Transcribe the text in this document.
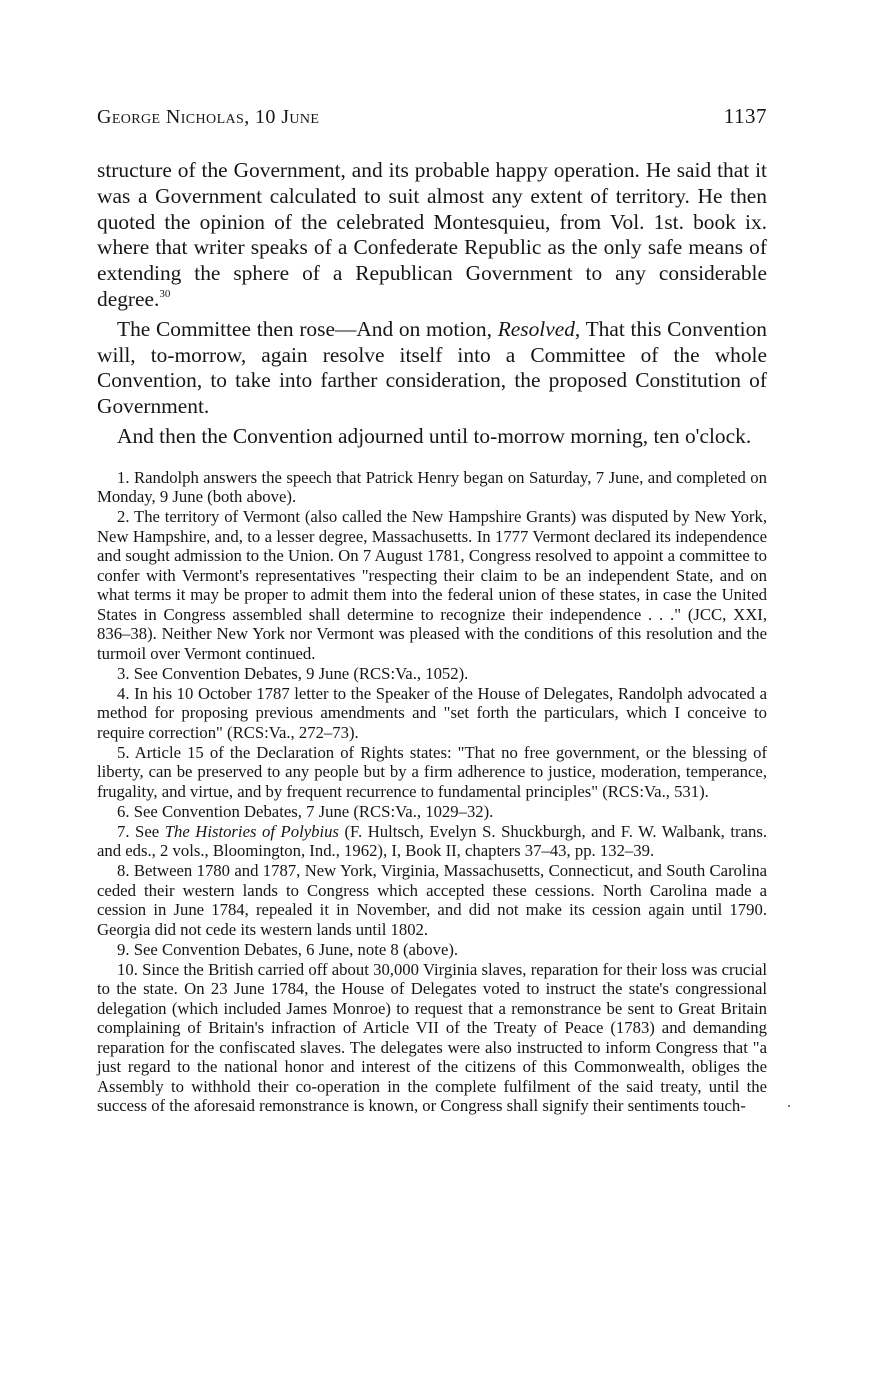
George Nicholas, 10 June	1137

structure of the Government, and its probable happy operation. He said that it was a Government calculated to suit almost any extent of territory. He then quoted the opinion of the celebrated Montesquieu, from Vol. 1st. book ix. where that writer speaks of a Confederate Republic as the only safe means of extending the sphere of a Republican Government to any considerable degree.$^{30}$

The Committee then rose—And on motion, Resolved, That this Convention will, to-morrow, again resolve itself into a Committee of the whole Convention, to take into farther consideration, the proposed Constitution of Government.

And then the Convention adjourned until to-morrow morning, ten o'clock.

1. Randolph answers the speech that Patrick Henry began on Saturday, 7 June, and completed on Monday, 9 June (both above).

2. The territory of Vermont (also called the New Hampshire Grants) was disputed by New York, New Hampshire, and, to a lesser degree, Massachusetts. In 1777 Vermont declared its independence and sought admission to the Union. On 7 August 1781, Congress resolved to appoint a committee to confer with Vermont's representatives "respecting their claim to be an independent State, and on what terms it may be proper to admit them into the federal union of these states, in case the United States in Congress assembled shall determine to recognize their independence . . ." (JCC, XXI, 836–38). Neither New York nor Vermont was pleased with the conditions of this resolution and the turmoil over Vermont continued.

3. See Convention Debates, 9 June (RCS:Va., 1052).

4. In his 10 October 1787 letter to the Speaker of the House of Delegates, Randolph advocated a method for proposing previous amendments and "set forth the particulars, which I conceive to require correction" (RCS:Va., 272–73).

5. Article 15 of the Declaration of Rights states: "That no free government, or the blessing of liberty, can be preserved to any people but by a firm adherence to justice, moderation, temperance, frugality, and virtue, and by frequent recurrence to fundamental principles" (RCS:Va., 531).

6. See Convention Debates, 7 June (RCS:Va., 1029–32).

7. See The Histories of Polybius (F. Hultsch, Evelyn S. Shuckburgh, and F. W. Walbank, trans. and eds., 2 vols., Bloomington, Ind., 1962), I, Book II, chapters 37–43, pp. 132–39.

8. Between 1780 and 1787, New York, Virginia, Massachusetts, Connecticut, and South Carolina ceded their western lands to Congress which accepted these cessions. North Carolina made a cession in June 1784, repealed it in November, and did not make its cession again until 1790. Georgia did not cede its western lands until 1802.

9. See Convention Debates, 6 June, note 8 (above).

10. Since the British carried off about 30,000 Virginia slaves, reparation for their loss was crucial to the state. On 23 June 1784, the House of Delegates voted to instruct the state's congressional delegation (which included James Monroe) to request that a remonstrance be sent to Great Britain complaining of Britain's infraction of Article VII of the Treaty of Peace (1783) and demanding reparation for the confiscated slaves. The delegates were also instructed to inform Congress that "a just regard to the national honor and interest of the citizens of this Commonwealth, obliges the Assembly to withhold their co-operation in the complete fulfilment of the said treaty, until the success of the aforesaid remonstrance is known, or Congress shall signify their sentiments touch-
